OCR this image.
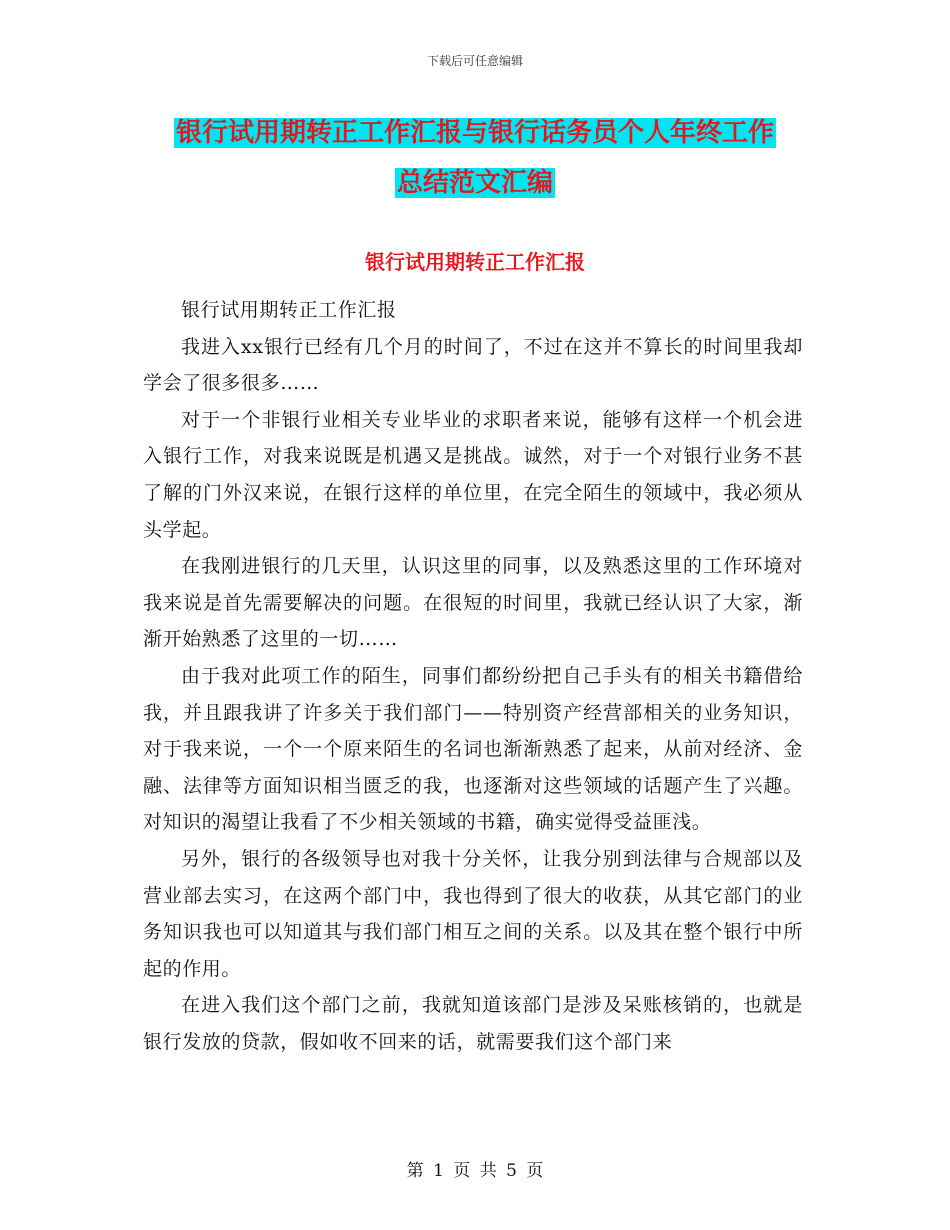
下载后可任意编辑
银行试用期转正工作汇报与银行话务员个人年终工作
总结范文汇编
银行试用期转正工作汇报

银行试用期转正工作汇报

我进入xx银行已经有几个月的时间了，不过在这并不算长的时间里我却学会了很多很多……

对于一个非银行业相关专业毕业的求职者来说，能够有这样一个机会进入银行工作，对我来说既是机遇又是挑战。诚然，对于一个对银行业务不甚了解的门外汉来说，在银行这样的单位里，在完全陌生的领域中，我必须从头学起。

在我刚进银行的几天里，认识这里的同事，以及熟悉这里的工作环境对我来说是首先需要解决的问题。在很短的时间里，我就已经认识了大家，渐渐开始熟悉了这里的一切……

由于我对此项工作的陌生，同事们都纷纷把自己手头有的相关书籍借给我，并且跟我讲了许多关于我们部门——特别资产经营部相关的业务知识，对于我来说，一个一个原来陌生的名词也渐渐熟悉了起来，从前对经济、金融、法律等方面知识相当匮乏的我，也逐渐对这些领域的话题产生了兴趣。对知识的渴望让我看了不少相关领域的书籍，确实觉得受益匪浅。

另外，银行的各级领导也对我十分关怀，让我分别到法律与合规部以及营业部去实习，在这两个部门中，我也得到了很大的收获，从其它部门的业务知识我也可以知道其与我们部门相互之间的关系。以及其在整个银行中所起的作用。

在进入我们这个部门之前，我就知道该部门是涉及呆账核销的，也就是银行发放的贷款，假如收不回来的话，就需要我们这个部门来

第 1 页 共 5 页
